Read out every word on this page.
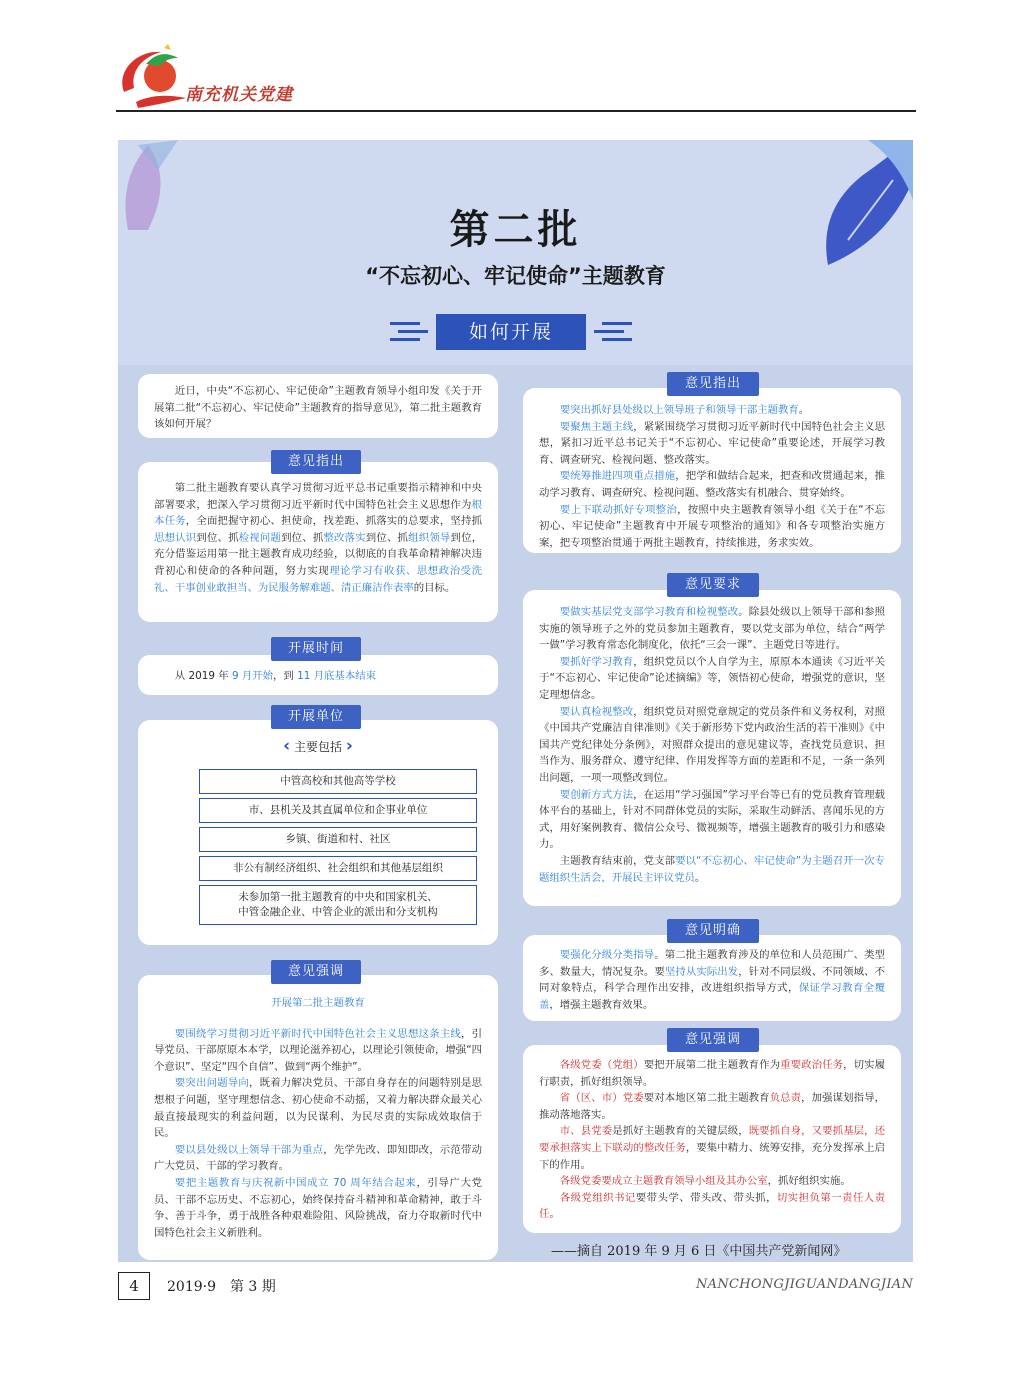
南充机关党建
第二批
“不忘初心、牢记使命”主题教育
如何开展

近日，中央“不忘初心、牢记使命”主题教育领导小组印发《关于开展第二批“不忘初心、牢记使命”主题教育的指导意见》，第二批主题教育该如何开展？

第二批主题教育要认真学习贯彻习近平总书记重要指示精神和中央部署要求，把深入学习贯彻习近平新时代中国特色社会主义思想作为根本任务，全面把握守初心、担使命，找差距、抓落实的总要求，坚持抓思想认识到位、抓检视问题到位、抓整改落实到位、抓组织领导到位，充分借鉴运用第一批主题教育成功经验，以彻底的自我革命精神解决违背初心和使命的各种问题，努力实现理论学习有收获、思想政治受洗礼、干事创业敢担当、为民服务解难题、清正廉洁作表率的目标。

意见指出

从 2019 年 9 月开始，到 11 月底基本结束

开展时间
‹ 主要包括 ›
中管高校和其他高等学校
市、县机关及其直属单位和企事业单位
乡镇、街道和村、社区
非公有制经济组织、社会组织和其他基层组织
未参加第一批主题教育的中央和国家机关、
中管金融企业、中管企业的派出和分支机构
开展单位
开展第二批主题教育

要围绕学习贯彻习近平新时代中国特色社会主义思想这条主线，引导党员、干部原原本本学，以理论滋养初心，以理论引领使命，增强“四个意识”、坚定“四个自信”、做到“两个维护”。

要突出问题导向，既着力解决党员、干部自身存在的问题特别是思想根子问题，坚守理想信念、初心使命不动摇，又着力解决群众最关心最直接最现实的利益问题，以为民谋利、为民尽责的实际成效取信于民。

要以县处级以上领导干部为重点，先学先改、即知即改，示范带动广大党员、干部的学习教育。

要把主题教育与庆祝新中国成立 70 周年结合起来，引导广大党员、干部不忘历史、不忘初心，始终保持奋斗精神和革命精神，敢于斗争、善于斗争，勇于战胜各种艰难险阻、风险挑战，奋力夺取新时代中国特色社会主义新胜利。

意见强调

要突出抓好县处级以上领导班子和领导干部主题教育。

要聚焦主题主线，紧紧围绕学习贯彻习近平新时代中国特色社会主义思想，紧扣习近平总书记关于“不忘初心、牢记使命”重要论述，开展学习教育、调查研究、检视问题、整改落实。

要统筹推进四项重点措施，把学和做结合起来，把查和改贯通起来，推动学习教育、调查研究、检视问题、整改落实有机融合、贯穿始终。

要上下联动抓好专项整治，按照中央主题教育领导小组《关于在“不忘初心、牢记使命”主题教育中开展专项整治的通知》和各专项整治实施方案，把专项整治贯通于两批主题教育，持续推进，务求实效。

意见指出

要做实基层党支部学习教育和检视整改。除县处级以上领导干部和参照实施的领导班子之外的党员参加主题教育，要以党支部为单位，结合“两学一做”学习教育常态化制度化，依托“三会一课”、主题党日等进行。

要抓好学习教育，组织党员以个人自学为主，原原本本通读《习近平关于“不忘初心、牢记使命”论述摘编》等，领悟初心使命，增强党的意识，坚定理想信念。

要认真检视整改，组织党员对照党章规定的党员条件和义务权利，对照《中国共产党廉洁自律准则》《关于新形势下党内政治生活的若干准则》《中国共产党纪律处分条例》，对照群众提出的意见建议等，查找党员意识、担当作为、服务群众、遵守纪律、作用发挥等方面的差距和不足，一条一条列出问题，一项一项整改到位。

要创新方式方法，在运用“学习强国”学习平台等已有的党员教育管理载体平台的基础上，针对不同群体党员的实际，采取生动鲜活、喜闻乐见的方式，用好案例教育、微信公众号、微视频等，增强主题教育的吸引力和感染力。

主题教育结束前，党支部要以“不忘初心、牢记使命”为主题召开一次专题组织生活会，开展民主评议党员。

意见要求

要强化分级分类指导。第二批主题教育涉及的单位和人员范围广、类型多、数量大，情况复杂。要坚持从实际出发，针对不同层级、不同领域、不同对象特点，科学合理作出安排，改进组织指导方式，保证学习教育全覆盖，增强主题教育效果。

意见明确

各级党委（党组）要把开展第二批主题教育作为重要政治任务，切实履行职责，抓好组织领导。

省（区、市）党委要对本地区第二批主题教育负总责，加强谋划指导，推动落地落实。

市、县党委是抓好主题教育的关键层级，既要抓自身，又要抓基层，还要承担落实上下联动的整改任务，要集中精力、统筹安排，充分发挥承上启下的作用。

各级党委要成立主题教育领导小组及其办公室，抓好组织实施。

各级党组织书记要带头学、带头改、带头抓，切实担负第一责任人责任。

意见强调
——摘自 2019 年 9 月 6 日《中国共产党新闻网》
4	2019·9　第 3 期	NANCHONGJIGUANDANGJIAN
